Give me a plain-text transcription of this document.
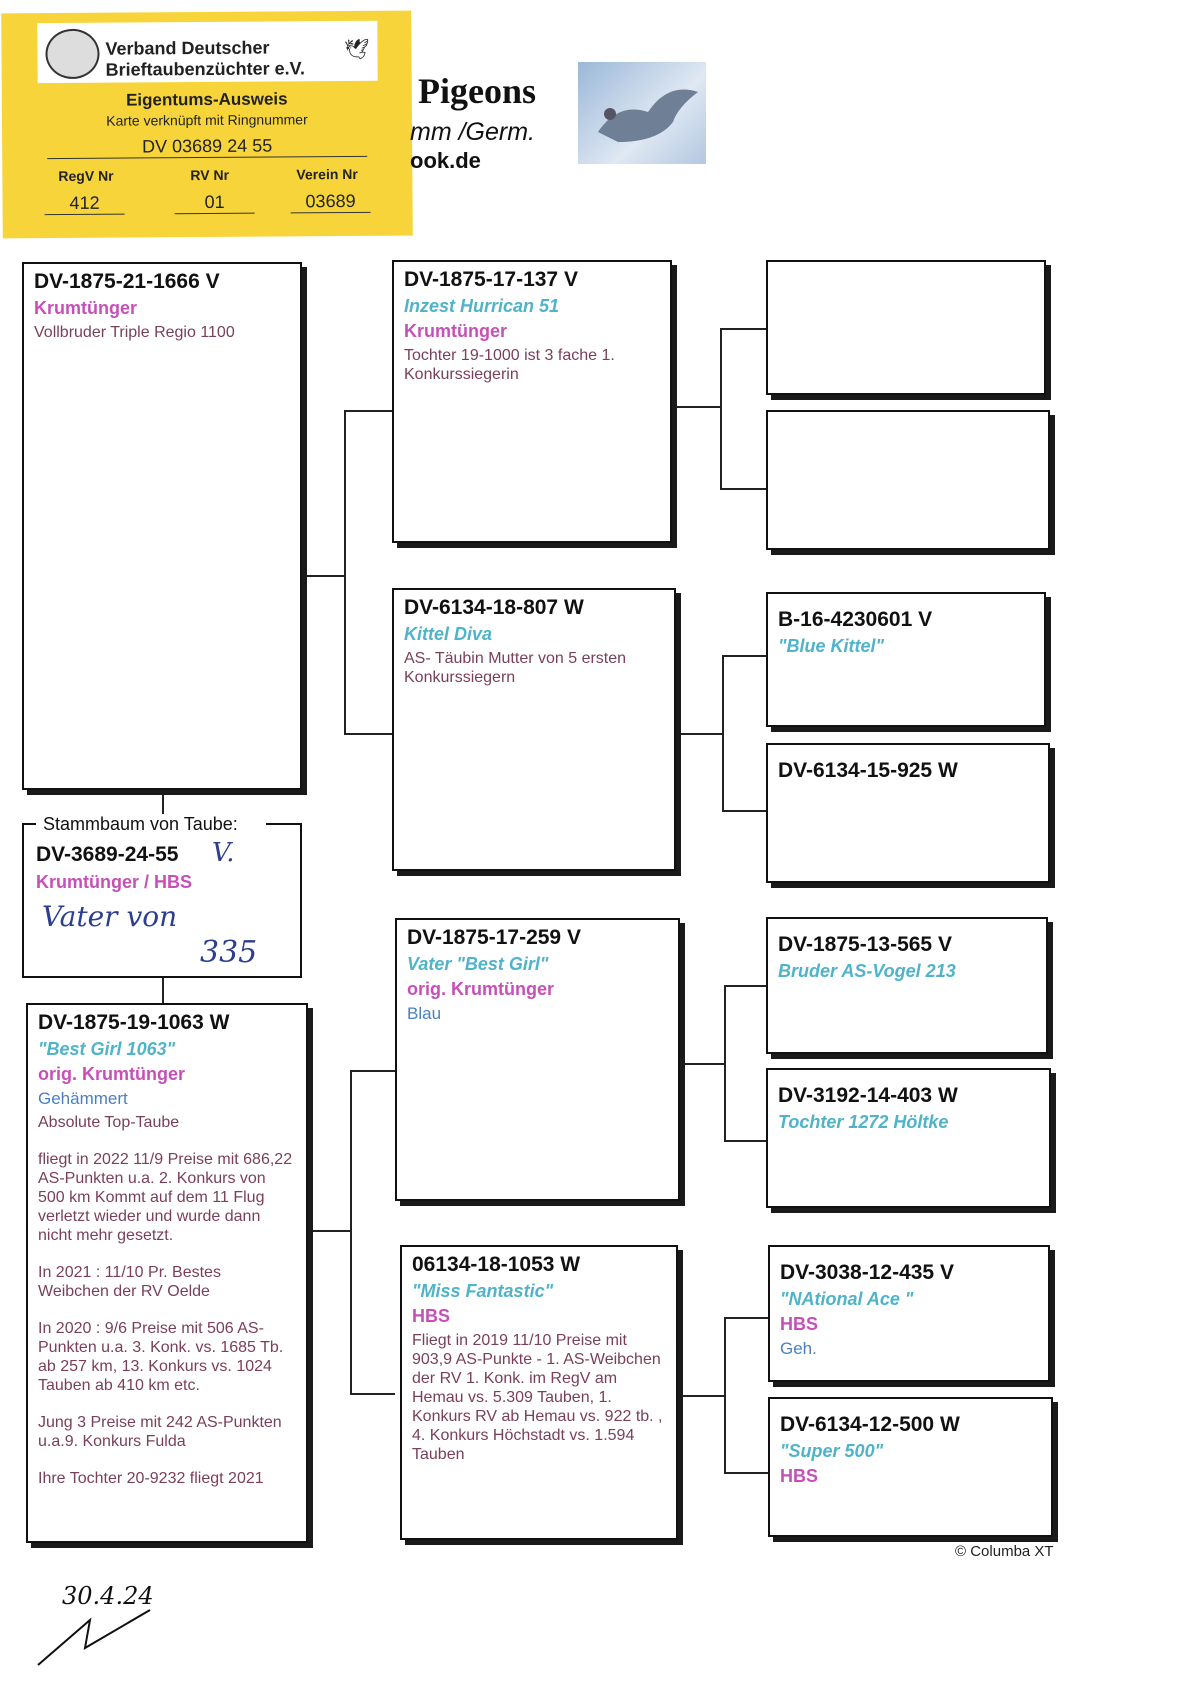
Verband Deutscher
Brieftaubenzüchter e.V.
🕊
Eigentums-Ausweis
Karte verknüpft mit Ringnummer
DV 03689 24 55
RegV Nr	RV Nr	Verein Nr
412	01	03689
Pigeons
mm /Germ.
ook.de
DV-1875-21-1666 V
Krumtünger
Vollbruder Triple Regio 1100
Stammbaum von Taube:
DV-3689-24-55 V.
Krumtünger / HBS
Vater von
335
DV-1875-19-1063 W
"Best Girl 1063"
orig. Krumtünger
Gehämmert

Absolute Top-Taube

fliegt in 2022 11/9 Preise mit 686,22 AS-Punkten u.a. 2. Konkurs von 500 km Kommt auf dem 11 Flug verletzt wieder und wurde dann nicht mehr gesetzt.

In 2021 : 11/10 Pr. Bestes Weibchen der RV Oelde

In 2020 : 9/6 Preise mit 506 AS-Punkten u.a. 3. Konk. vs. 1685 Tb. ab 257 km, 13. Konkurs vs. 1024 Tauben ab 410 km etc.

Jung 3 Preise mit 242 AS-Punkten u.a.9. Konkurs Fulda

Ihre Tochter 20-9232 fliegt 2021

DV-1875-17-137 V
Inzest Hurrican 51
Krumtünger
Tochter 19-1000 ist 3 fache 1. Konkurssiegerin
DV-6134-18-807 W
Kittel Diva
AS- Täubin Mutter von 5 ersten Konkurssiegern
DV-1875-17-259 V
Vater "Best Girl"
orig. Krumtünger
Blau
06134-18-1053 W
"Miss Fantastic"
HBS
Fliegt in 2019 11/10 Preise mit 903,9 AS-Punkte - 1. AS-Weibchen der RV 1. Konk. im RegV am Hemau vs. 5.309 Tauben, 1. Konkurs RV ab Hemau vs. 922 tb. , 4. Konkurs Höchstadt vs. 1.594 Tauben
B-16-4230601 V
"Blue Kittel"
DV-6134-15-925 W
DV-1875-13-565 V
Bruder AS-Vogel 213
DV-3192-14-403 W
Tochter 1272 Höltke
DV-3038-12-435 V
"NAtional Ace "
HBS
Geh.
DV-6134-12-500 W
"Super 500"
HBS
© Columba XT
30.4.24
